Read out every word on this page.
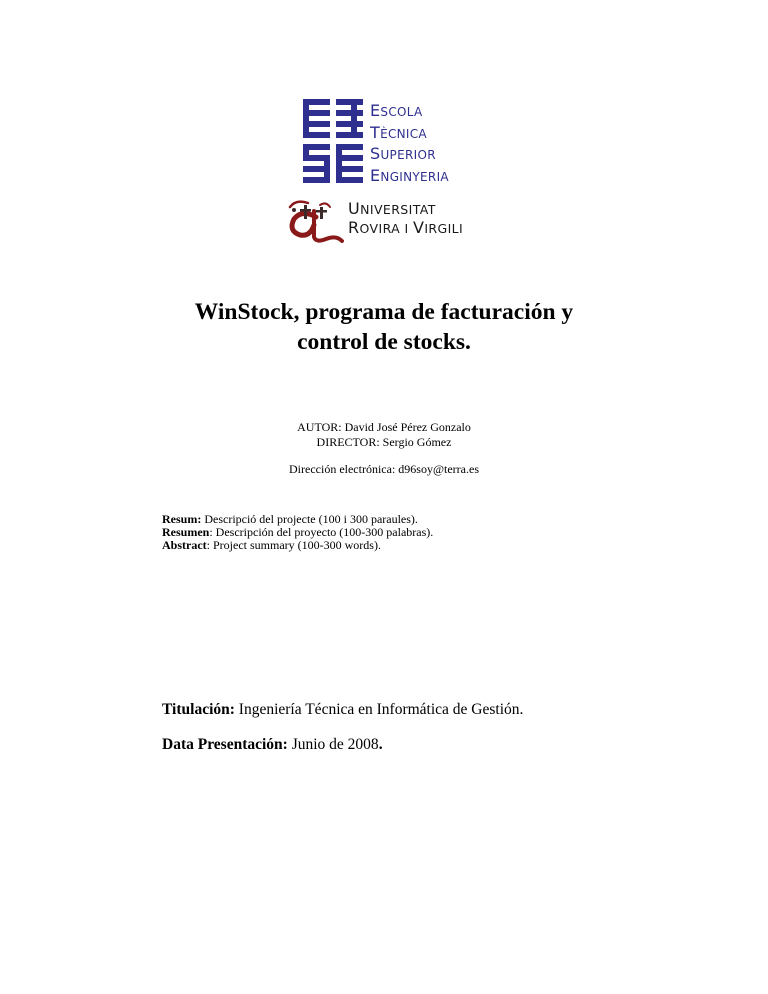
ESCOLA
TÈCNICA
SUPERIOR
ENGINYERIA
UNIVERSITAT
ROVIRA I VIRGILI
WinStock, programa de facturación y
control de stocks.
AUTOR: David José Pérez Gonzalo
DIRECTOR: Sergio Gómez
Dirección electrónica: d96soy@terra.es
Resum: Descripció del projecte (100 i 300 paraules).
Resumen: Descripción del proyecto (100-300 palabras).
Abstract: Project summary (100-300 words).
Titulación: Ingeniería Técnica en Informática de Gestión.
Data Presentación: Junio de 2008.
